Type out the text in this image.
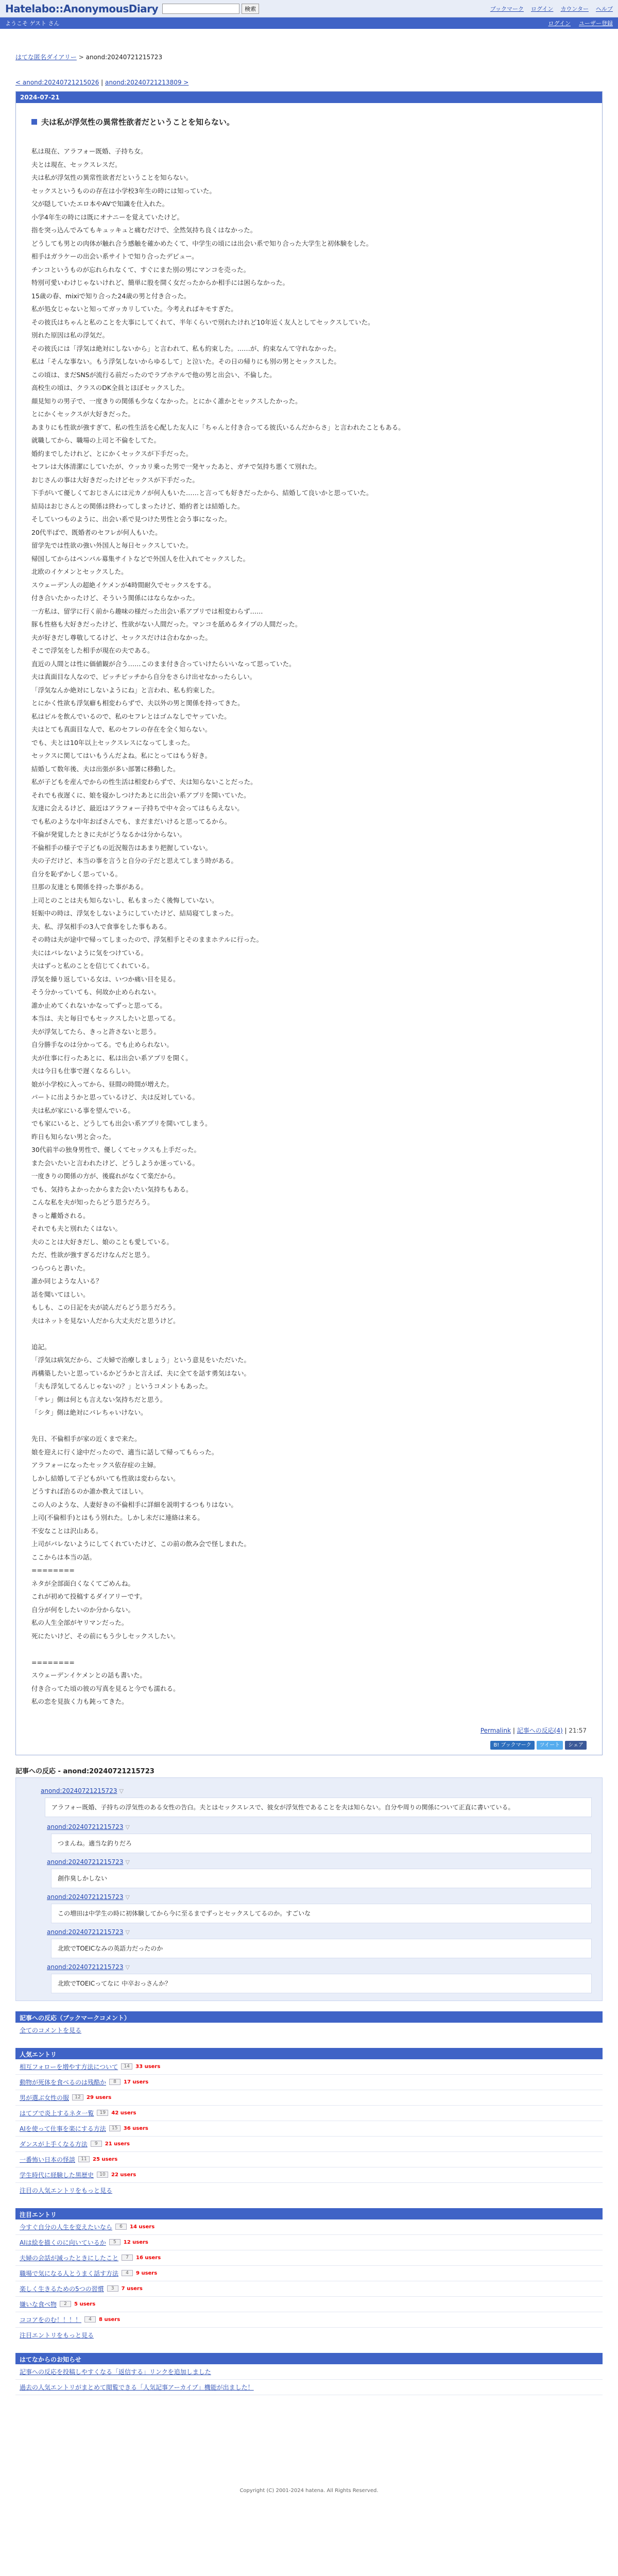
Hatelabo::AnonymousDiary	検索	ブックマーク ログイン カウンター ヘルプ
ようこそ ゲスト さん	ログイン ユーザー登録
はてな匿名ダイアリー > anond:20240721215723
< anond:20240721215026 | anond:20240721213809 >
2024-07-21
夫は私が浮気性の異常性欲者だということを知らない。

私は現在、アラフォー既婚、子持ち女。

夫とは現在、セックスレスだ。

夫は私が浮気性の異常性欲者だということを知らない。

セックスというものの存在は小学校3年生の時には知っていた。

父が隠していたエロ本やAVで知識を仕入れた。

小学4年生の時には既にオナニーを覚えていたけど。

指を突っ込んでみてもキュッキュと痛むだけで、全然気持ち良くはなかった。

どうしても男との肉体が触れ合う感触を確かめたくて、中学生の頃には出会い系で知り合った大学生と初体験をした。

相手はガラケーの出会い系サイトで知り合ったデビュー。

チンコというものが忘れられなくて、すぐにまた別の男にマンコを売った。

特別可愛いわけじゃないけれど、簡単に股を開く女だったからか相手には困らなかった。

15歳の春、mixiで知り合った24歳の男と付き合った。

私が処女じゃないと知ってガッカリしていた。今考えればキモすぎた。

その彼氏はちゃんと私のことを大事にしてくれて、半年くらいで別れたけれど10年近く友人としてセックスしていた。

別れた原因は私の浮気だ。

その彼氏には「浮気は絶対にしないから」と言われて、私も約束した。……が、約束なんて守れなかった。

私は「そんな事ない。もう浮気しないからゆるして」と泣いた。その日の帰りにも別の男とセックスした。

この頃は、まだSNSが流行る前だったのでラブホテルで他の男と出会い、不倫した。

高校生の頃は、クラスのDK全員とほぼセックスした。

顔見知りの男子で、一度きりの関係も少なくなかった。とにかく誰かとセックスしたかった。

とにかくセックスが大好きだった。

あまりにも性欲が強すぎて、私の性生活を心配した友人に「ちゃんと付き合ってる彼氏いるんだからさ」と言われたこともある。

就職してから、職場の上司と不倫をしてた。

婚約までしたけれど、とにかくセックスが下手だった。

セフレは大体清潔にしていたが、ウッカリ乗った男で一発ヤッたあと、ガチで気持ち悪くて別れた。

おじさんの事は大好きだったけどセックスが下手だった。

下手がいて優しくておじさんには元カノが何人もいた……と言っても好きだったから、結婚して良いかと思っていた。

結局はおじさんとの関係は終わってしまったけど、婚約者とは結婚した。

そしていつものように、出会い系で見つけた男性と会う事になった。

20代半ばで、既婚者のセフレが何人もいた。

留学先では性欲の強い外国人と毎日セックスしていた。

帰国してからはペンパル募集サイトなどで外国人を仕入れてセックスした。

北欧のイケメンとセックスした。

スウェーデン人の超絶イケメンが4時間耐久でセックスをする。

付き合いたかったけど、そういう関係にはならなかった。

一方私は、留学に行く前から趣味の様だった出会い系アプリでは相変わらず……

豚も性格も大好きだったけど、性欲がない人間だった。マンコを舐めるタイプの人間だった。

夫が好きだし尊敬してるけど、セックスだけは合わなかった。

そこで浮気をした相手が現在の夫である。

直近の人間とは性に価値観が合う……このまま付き合っていけたらいいなって思っていた。

夫は真面目な人なので、ピッチピッチから自分をさらけ出せなかったらしい。

「浮気なんか絶対にしないようにね」と言われ、私も約束した。

とにかく性欲も浮気癖も相変わらずで、夫以外の男と関係を持ってきた。

私はピルを飲んでいるので、私のセフレとはゴムなしでヤッていた。

夫はとても真面目な人で、私のセフレの存在を全く知らない。

でも、夫とは10年以上セックスレスになってしまった。

セックスに関してはいもうんだよね。私にとってはもう好き。

結婚して数年後、夫は出張が多い部署に移動した。

私が子どもを産んでからの性生活は相変わらずで、夫は知らないことだった。

それでも夜遅くに、娘を寝かしつけたあとに出会い系アプリを開いていた。

友達に会えるけど、最近はアラフォー子持ちで中々会ってはもらえない。

でも私のような中年おばさんでも、まだまだいけると思ってるから。

不倫が発覚したときに夫がどうなるかは分からない。

不倫相手の様子で子どもの近況報告はあまり把握していない。

夫の子だけど、本当の事を言うと自分の子だと思えてしまう時がある。

自分を恥ずかしく思っている。

旦那の友達とも関係を持った事がある。

上司とのことは夫も知らないし、私もまったく後悔していない。

妊娠中の時は、浮気をしないようにしていたけど、結局寝てしまった。

夫、私、浮気相手の3人で食事をした事もある。

その時は夫が途中で帰ってしまったので、浮気相手とそのままホテルに行った。

夫にはバレないように気をつけている。

夫はずっと私のことを信じてくれている。

浮気を繰り返している女は、いつか痛い目を見る。

そう分かっていても、何故か止められない。

誰か止めてくれないかなってずっと思ってる。

本当は、夫と毎日でもセックスしたいと思ってる。

夫が浮気してたら、きっと許さないと思う。

自分勝手なのは分かってる。でも止められない。

夫が仕事に行ったあとに、私は出会い系アプリを開く。

夫は今日も仕事で遅くなるらしい。

娘が小学校に入ってから、昼間の時間が増えた。

パートに出ようかと思っているけど、夫は反対している。

夫は私が家にいる事を望んでいる。

でも家にいると、どうしても出会い系アプリを開いてしまう。

昨日も知らない男と会った。

30代前半の独身男性で、優しくてセックスも上手だった。

また会いたいと言われたけど、どうしようか迷っている。

一度きりの関係の方が、後腐れがなくて楽だから。

でも、気持ちよかったからまた会いたい気持ちもある。

こんな私を夫が知ったらどう思うだろう。

きっと離婚される。

それでも夫と別れたくはない。

夫のことは大好きだし、娘のことも愛している。

ただ、性欲が強すぎるだけなんだと思う。

つらつらと書いた。

誰か同じような人いる？

話を聞いてほしい。

もしも、この日記を夫が読んだらどう思うだろう。

夫はネットを見ない人だから大丈夫だと思うけど。

追記。

「浮気は病気だから、ご夫婦で治療しましょう」という意見をいただいた。

再構築したいと思っているかどうかと言えば、夫に全てを話す勇気はない。

「夫も浮気してるんじゃないの？」というコメントもあった。

「サレ」側は何とも言えない気持ちだと思う。

「シタ」側は絶対にバレちゃいけない。

先日、不倫相手が家の近くまで来た。

娘を迎えに行く途中だったので、適当に話して帰ってもらった。

アラフォーになったセックス依存症の主婦。

しかし結婚して子どもがいても性欲は変わらない。

どうすれば治るのか誰か教えてほしい。

この人のような、人妻好きの不倫相手に詳細を説明するつもりはない。

上司(不倫相手)とはもう別れた。しかし未だに連絡は来る。

不安なことは沢山ある。

上司がバレないようにしてくれていたけど、この前の飲み会で怪しまれた。

ここからは本当の話。

========

ネタが全部面白くなくてごめんね。

これが初めて投稿するダイアリーです。

自分が何をしたいのか分からない。

私の人生全部がヤリマンだった。

死にたいけど、その前にもう少しセックスしたい。

========

スウェーデンイケメンとの話も書いた。

付き合ってた頃の彼の写真を見ると今でも濡れる。

私の恋を見抜く力も鈍ってきた。

Permalink | 記事への反応(4) | 21:57
B! ブックマーク	ツイート	シェア
記事への反応 - anond:20240721215723
anond:20240721215723 ▽
アラフォー既婚、子持ちの浮気性のある女性の告白。夫とはセックスレスで、彼女が浮気性であることを夫は知らない。自分や周りの関係について正直に書いている。
anond:20240721215723 ▽
つまんね。適当な釣りだろ
anond:20240721215723 ▽
創作臭しかしない
anond:20240721215723 ▽
この増田は中学生の時に初体験してから今に至るまでずっとセックスしてるのか。すごいな
anond:20240721215723 ▽
北欧でTOEICなみの英語力だったのか
anond:20240721215723 ▽
北欧でTOEICってなに 中卒おっさんか？
記事への反応（ブックマークコメント）
全てのコメントを見る
人気エントリ
相互フォローを増やす方法について	14	33 users
動物が死体を食べるのは残酷か	8	17 users
男が選ぶ女性の服	12	29 users
はてブで炎上するネタ一覧	19	42 users
AIを使って仕事を楽にする方法	15	36 users
ダンスが上手くなる方法	9	21 users
一番怖い日本の怪談	11	25 users
学生時代に経験した黒歴史	10	22 users
注目の人気エントリをもっと見る
注目エントリ
今すぐ自分の人生を変えたいなら	6	14 users
AIは絵を描くのに向いているか	5	12 users
夫婦の会話が減ったときにしたこと	7	16 users
職場で気になる人とうまく話す方法	4	9 users
楽しく生きるための5つの習慣	3	7 users
嫌いな食べ物	2	5 users
ココアをのむ！！！！	4	8 users
注目エントリをもっと見る
はてなからのお知らせ
記事への反応を投稿しやすくなる「返信する」リンクを追加しました
過去の人気エントリがまとめて閲覧できる「人気記事アーカイブ」機能が出ました！
Copyright (C) 2001-2024 hatena. All Rights Reserved.
